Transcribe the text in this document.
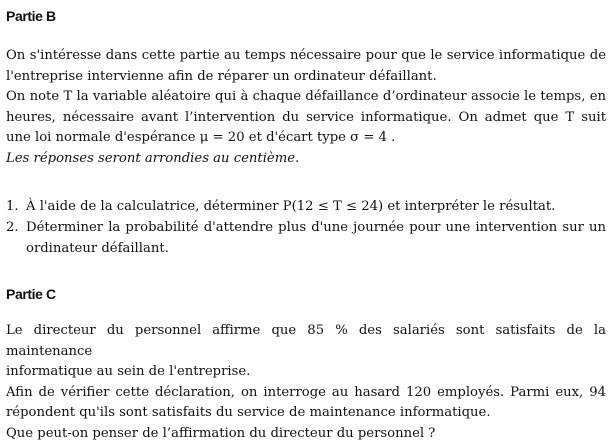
Partie B
On s'intéresse dans cette partie au temps nécessaire pour que le service informatique de
l'entreprise intervienne afin de réparer un ordinateur défaillant.
On note T la variable aléatoire qui à chaque défaillance d’ordinateur associe le temps, en
heures, nécessaire avant l’intervention du service informatique. On admet que T suit
une loi normale d'espérance μ = 20 et d'écart type σ = 4 .
Les réponses seront arrondies au centième.
1. À l'aide de la calculatrice, déterminer P(12 ≤ T ≤ 24) et interpréter le résultat.
2. Déterminer la probabilité d'attendre plus d'une journée pour une intervention sur un
ordinateur défaillant.
Partie C
Le directeur du personnel affirme que 85 % des salariés sont satisfaits de la maintenance
informatique au sein de l'entreprise.
Afin de vérifier cette déclaration, on interroge au hasard 120 employés. Parmi eux, 94
répondent qu'ils sont satisfaits du service de maintenance informatique.
Que peut-on penser de l’affirmation du directeur du personnel ?
